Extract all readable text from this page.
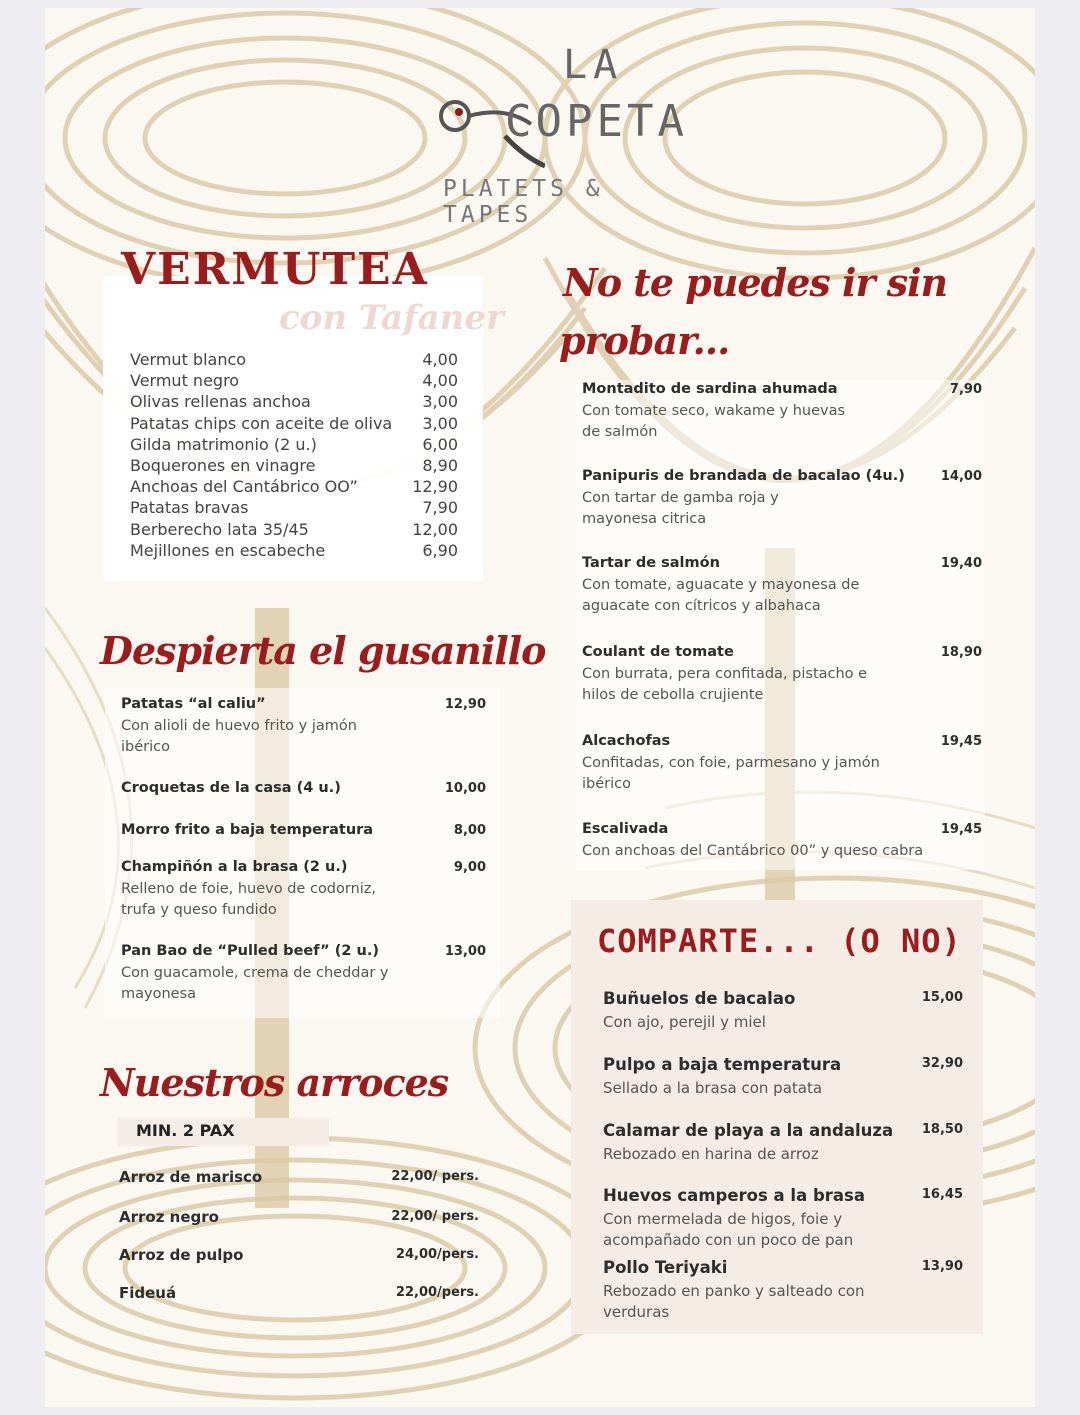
LA
COPETA
PLATETS & TAPES
VERMUTEA
con Tafaner
Vermut blanco	4,00
Vermut negro	4,00
Olivas rellenas anchoa	3,00
Patatas chips con aceite de oliva 3,00
Gilda matrimonio (2 u.)	6,00
Boquerones en vinagre	8,90
Anchoas del Cantábrico OO”	12,90
Patatas bravas	7,90
Berberecho lata 35/45	12,00
Mejillones en escabeche	6,90
Despierta el gusanillo
Patatas “al caliu”	12,90
Con alioli de huevo frito y jamón
ibérico
Croquetas de la casa (4 u.)	10,00
Morro frito a baja temperatura	8,00
Champiñón a la brasa (2 u.)	9,00
Relleno de foie, huevo de codorniz,
trufa y queso fundido
Pan Bao de “Pulled beef” (2 u.)	13,00
Con guacamole, crema de cheddar y
mayonesa
Nuestros arroces
MIN. 2 PAX
Arroz de marisco	22,00/ pers.
Arroz negro	22,00/ pers.
Arroz de pulpo	24,00/pers.
Fideuá	22,00/pers.
No te puedes ir sin
probar...
Montadito de sardina ahumada	7,90
Con tomate seco, wakame y huevas
de salmón
Panipuris de brandada de bacalao (4u.)	14,00
Con tartar de gamba roja y
mayonesa citrica
Tartar de salmón	19,40
Con tomate, aguacate y mayonesa de
aguacate con cítricos y albahaca
Coulant de tomate	18,90
Con burrata, pera confitada, pistacho e
hilos de cebolla crujiente
Alcachofas	19,45
Confitadas, con foie, parmesano y jamón
ibérico
Escalivada	19,45
Con anchoas del Cantábrico 00” y queso cabra
COMPARTE... (O NO)
Buñuelos de bacalao	15,00
Con ajo, perejil y miel
Pulpo a baja temperatura	32,90
Sellado a la brasa con patata
Calamar de playa a la andaluza	18,50
Rebozado en harina de arroz
Huevos camperos a la brasa	16,45
Con mermelada de higos, foie y
acompañado con un poco de pan
Pollo Teriyaki	13,90
Rebozado en panko y salteado con
verduras
